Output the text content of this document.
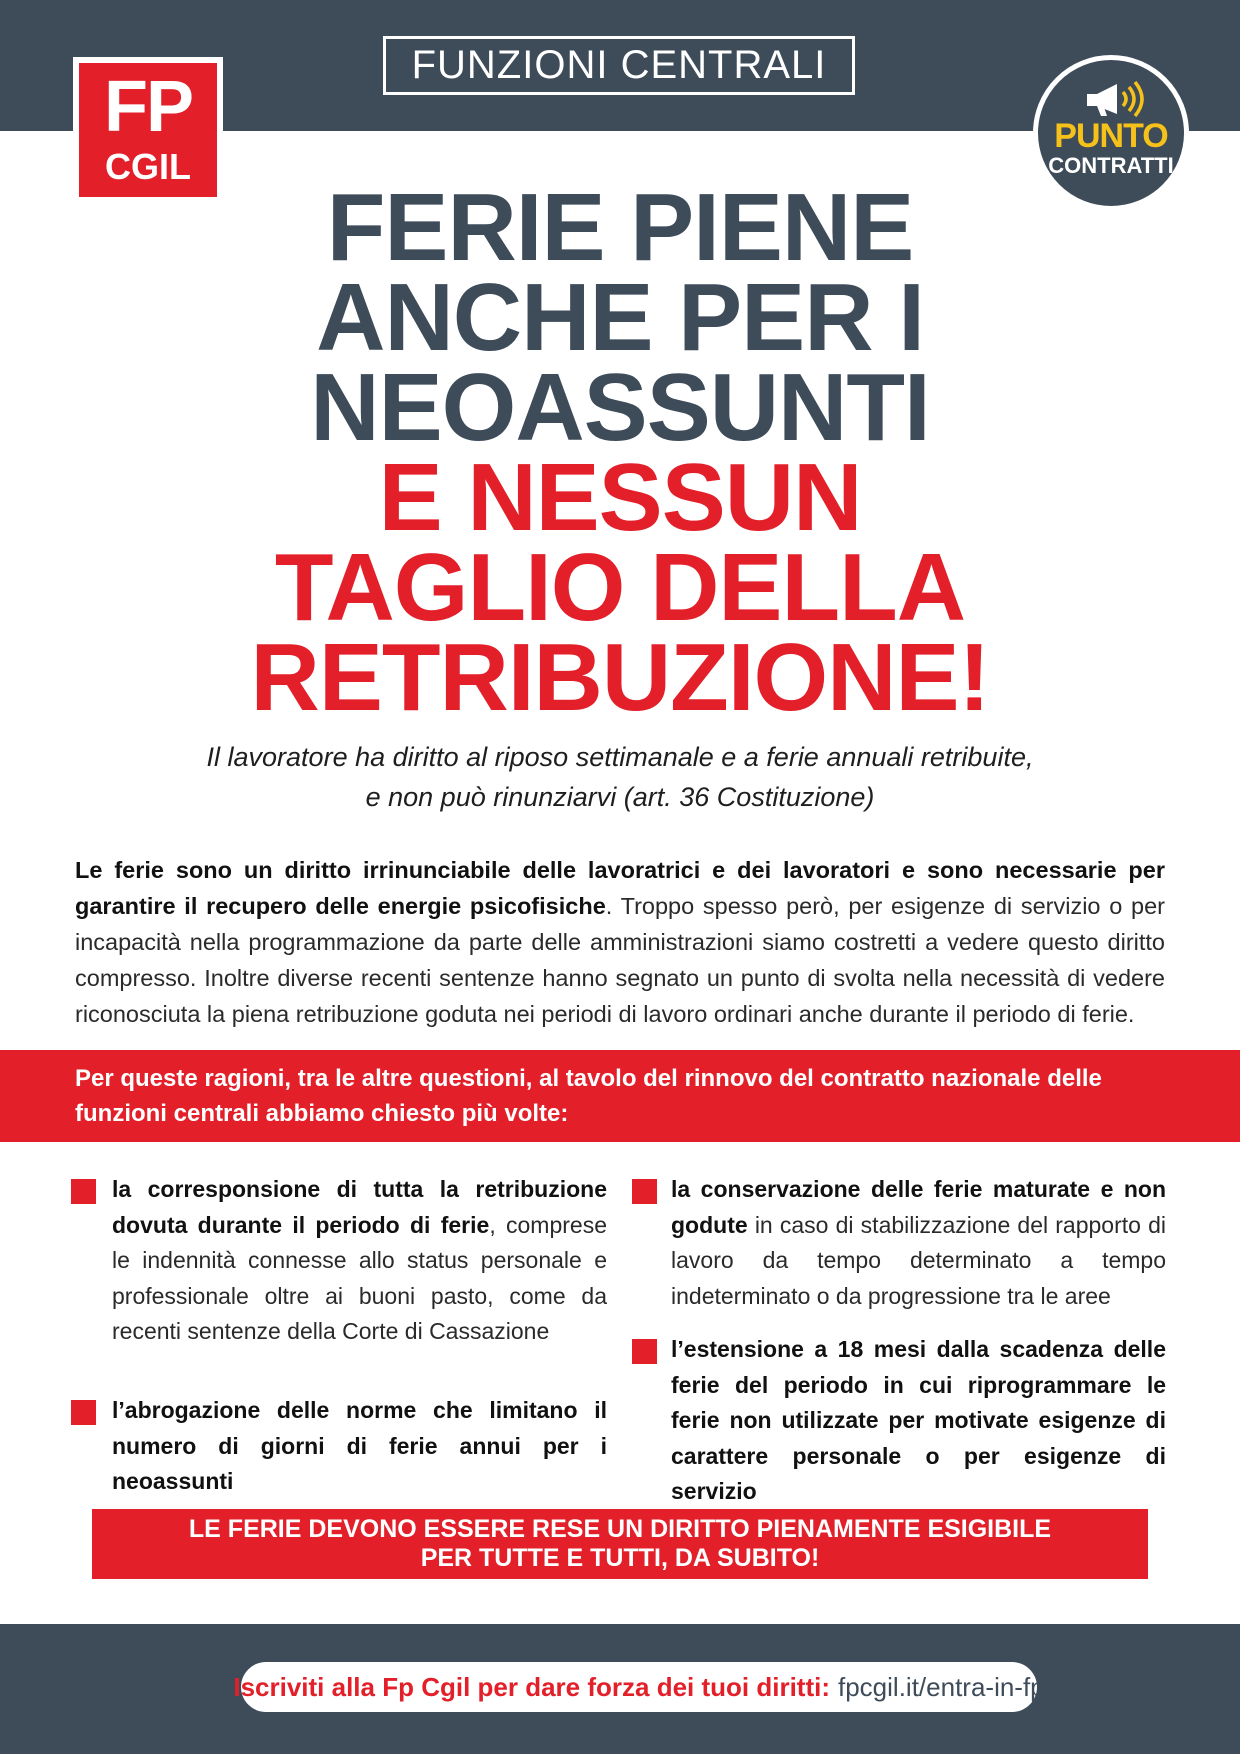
FUNZIONI CENTRALI
FP
CGIL
PUNTO
CONTRATTI
FERIE PIENE
ANCHE PER I
NEOASSUNTI
E NESSUN
TAGLIO DELLA
RETRIBUZIONE!
Il lavoratore ha diritto al riposo settimanale e a ferie annuali retribuite,
e non può rinunziarvi (art. 36 Costituzione)
Le ferie sono un diritto irrinunciabile delle lavoratrici e dei lavoratori e sono necessarie per garantire il recupero delle energie psicofisiche. Troppo spesso però, per esigenze di servizio o per incapacità nella programmazione da parte delle amministrazioni siamo costretti a vedere questo diritto compresso. Inoltre diverse recenti sentenze hanno segnato un punto di svolta nella necessità di vedere riconosciuta la piena retribuzione goduta nei periodi di lavoro ordinari anche durante il periodo di ferie.
Per queste ragioni, tra le altre questioni, al tavolo del rinnovo del contratto nazionale delle funzioni centrali abbiamo chiesto più volte:
la corresponsione di tutta la retribuzione dovuta durante il periodo di ferie, comprese le indennità connesse allo status personale e professionale oltre ai buoni pasto, come da recenti sentenze della Corte di Cassazione
l’abrogazione delle norme che limitano il numero di giorni di ferie annui per i neoassunti
la conservazione delle ferie maturate e non godute in caso di stabilizzazione del rapporto di lavoro da tempo determinato a tempo indeterminato o da progressione tra le aree
l’estensione a 18 mesi dalla scadenza delle ferie del periodo in cui riprogrammare le ferie non utilizzate per motivate esigenze di carattere personale o per esigenze di servizio
LE FERIE DEVONO ESSERE RESE UN DIRITTO PIENAMENTE ESIGIBILE
PER TUTTE E TUTTI, DA SUBITO!
Iscriviti alla Fp Cgil per dare forza dei tuoi diritti: fpcgil.it/entra-in-fp
